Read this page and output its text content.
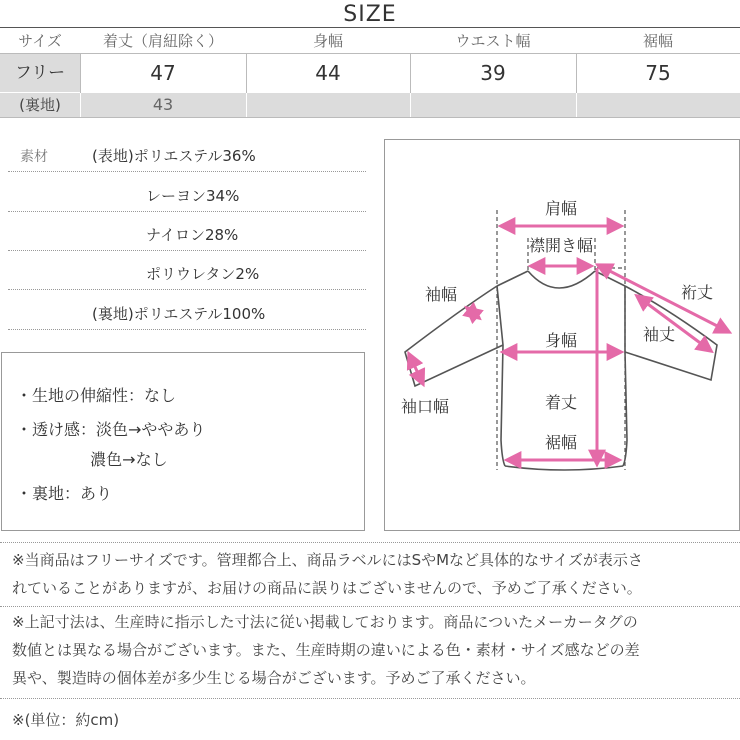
SIZE
サイズ	着丈（肩紐除く）	身幅	ウエスト幅	裾幅
フリー	47	44	39	75
(裏地)	43
素材	(表地)ポリエステル36%
レーヨン34%
ナイロン28%
ポリウレタン2%
(裏地)ポリエステル100%
・生地の伸縮性：なし
・透け感：淡色→ややあり
　　　　  濃色→なし
・裏地：あり
肩幅
襟開き幅
裄丈
袖幅
袖丈
身幅
袖口幅	着丈
裾幅
※当商品はフリーサイズです。管理都合上、商品ラベルにはSやMなど具体的なサイズが表示さ
れていることがありますが、お届けの商品に誤りはございませんので、予めご了承ください。
※上記寸法は、生産時に指示した寸法に従い掲載しております。商品についたメーカータグの
数値とは異なる場合がございます。また、生産時期の違いによる色・素材・サイズ感などの差
異や、製造時の個体差が多少生じる場合がございます。予めご了承ください。
※(単位：約cm)
